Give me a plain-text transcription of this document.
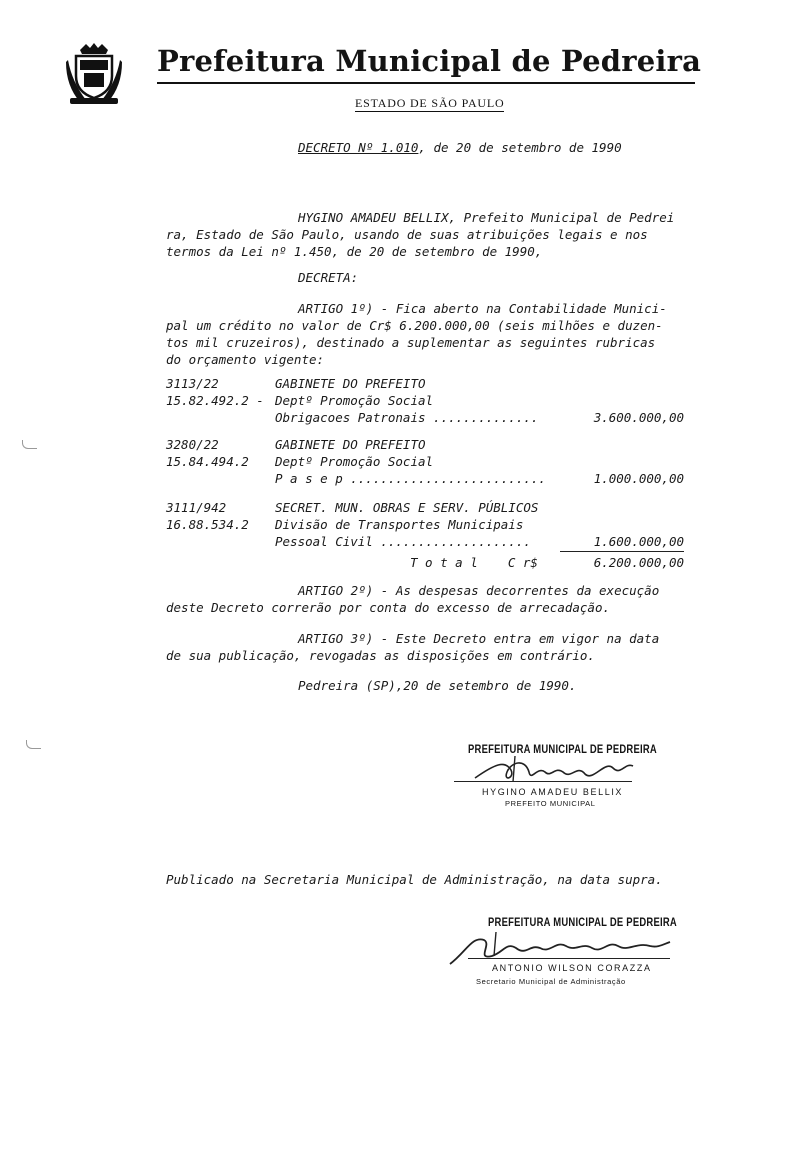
Prefeitura Municipal de Pedreira
ESTADO DE SÃO PAULO
DECRETO Nº 1.010, de 20 de setembro de 1990
HYGINO AMADEU BELLIX, Prefeito Municipal de Pedrei
ra, Estado de São Paulo, usando de suas atribuições legais e nos
termos da Lei nº 1.450, de 20 de setembro de 1990,
DECRETA:
ARTIGO 1º) - Fica aberto na Contabilidade Munici-
pal um crédito no valor de Cr$ 6.200.000,00 (seis milhões e duzen-
tos mil cruzeiros), destinado a suplementar as seguintes rubricas
do orçamento vigente:
3113/22	GABINETE DO PREFEITO
15.82.492.2 - Deptº Promoção Social
Obrigacoes Patronais ..............	3.600.000,00
3280/22	GABINETE DO PREFEITO
15.84.494.2 Deptº Promoção Social
P a s e p ..........................	1.000.000,00
3111/942	SECRET. MUN. OBRAS E SERV. PÚBLICOS
16.88.534.2 Divisão de Transportes Municipais
Pessoal Civil ....................	1.600.000,00
T o t a l    C r$	6.200.000,00
ARTIGO 2º) - As despesas decorrentes da execução
deste Decreto correrão por conta do excesso de arrecadação.
ARTIGO 3º) - Este Decreto entra em vigor na data
de sua publicação, revogadas as disposições em contrário.
Pedreira (SP),20 de setembro de 1990.
PREFEITURA MUNICIPAL DE PEDREIRA
HYGINO AMADEU BELLIX
PREFEITO MUNICIPAL
Publicado na Secretaria Municipal de Administração, na data supra.
PREFEITURA MUNICIPAL DE PEDREIRA
ANTONIO WILSON CORAZZA
Secretario Municipal de Administração
